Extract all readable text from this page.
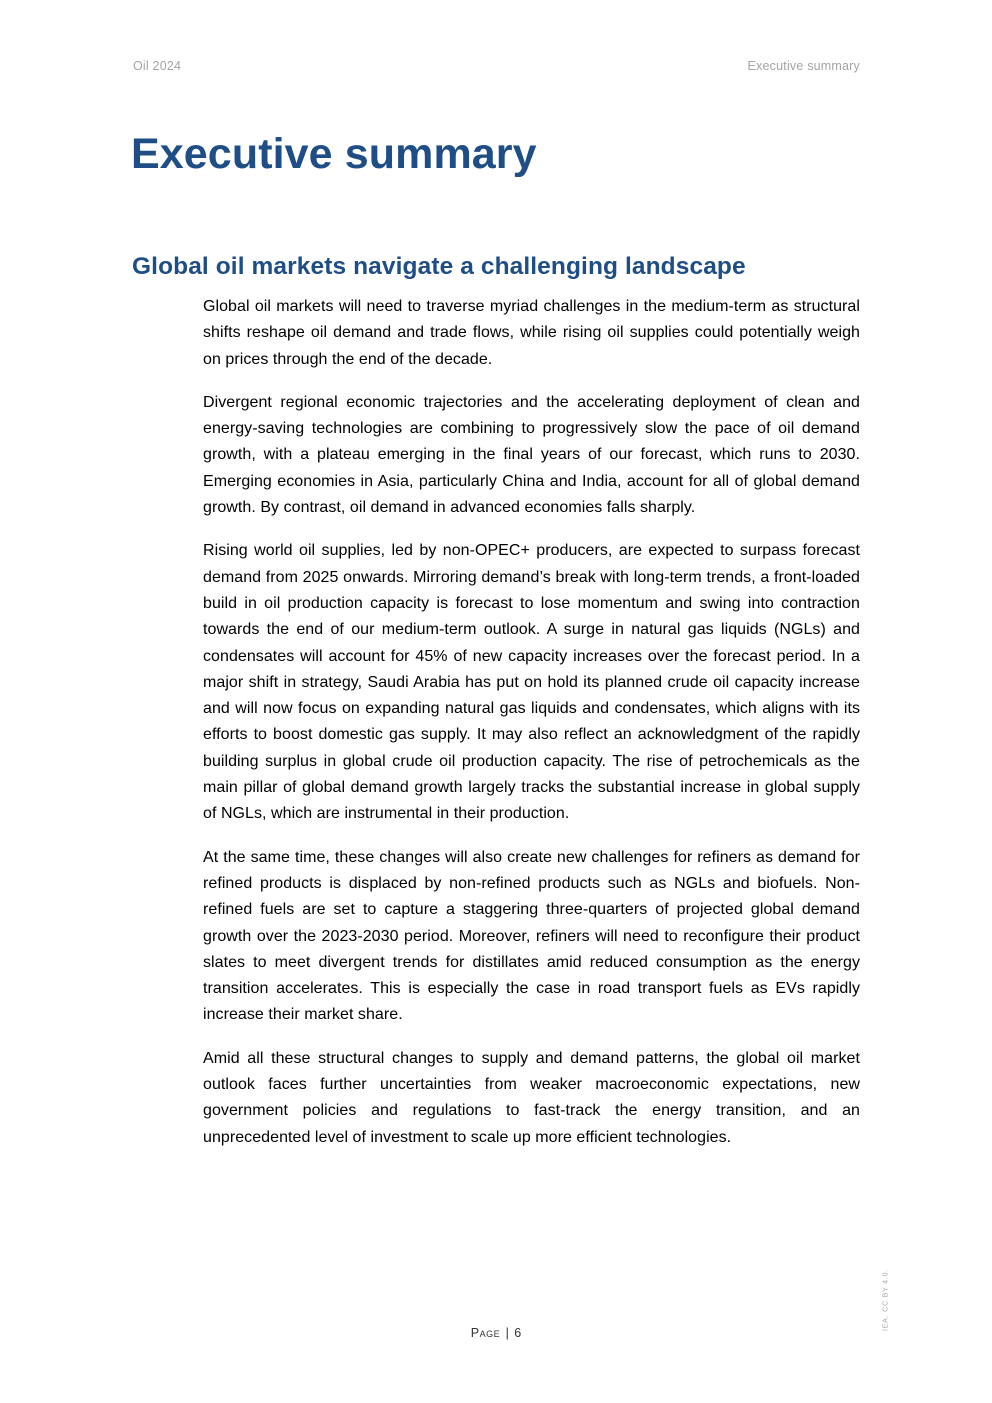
Oil 2024	Executive summary
Executive summary
Global oil markets navigate a challenging landscape

Global oil markets will need to traverse myriad challenges in the medium-term as structural shifts reshape oil demand and trade flows, while rising oil supplies could potentially weigh on prices through the end of the decade.

Divergent regional economic trajectories and the accelerating deployment of clean and energy-saving technologies are combining to progressively slow the pace of oil demand growth, with a plateau emerging in the final years of our forecast, which runs to 2030. Emerging economies in Asia, particularly China and India, account for all of global demand growth. By contrast, oil demand in advanced economies falls sharply.

Rising world oil supplies, led by non-OPEC+ producers, are expected to surpass forecast demand from 2025 onwards. Mirroring demand’s break with long-term trends, a front-loaded build in oil production capacity is forecast to lose momentum and swing into contraction towards the end of our medium-term outlook. A surge in natural gas liquids (NGLs) and condensates will account for 45% of new capacity increases over the forecast period. In a major shift in strategy, Saudi Arabia has put on hold its planned crude oil capacity increase and will now focus on expanding natural gas liquids and condensates, which aligns with its efforts to boost domestic gas supply. It may also reflect an acknowledgment of the rapidly building surplus in global crude oil production capacity. The rise of petrochemicals as the main pillar of global demand growth largely tracks the substantial increase in global supply of NGLs, which are instrumental in their production.

At the same time, these changes will also create new challenges for refiners as demand for refined products is displaced by non-refined products such as NGLs and biofuels. Non-refined fuels are set to capture a staggering three-quarters of projected global demand growth over the 2023-2030 period. Moreover, refiners will need to reconfigure their product slates to meet divergent trends for distillates amid reduced consumption as the energy transition accelerates. This is especially the case in road transport fuels as EVs rapidly increase their market share.

Amid all these structural changes to supply and demand patterns, the global oil market outlook faces further uncertainties from weaker macroeconomic expectations, new government policies and regulations to fast-track the energy transition, and an unprecedented level of investment to scale up more efficient technologies.

IEA. CC BY 4.0.
Page | 6
